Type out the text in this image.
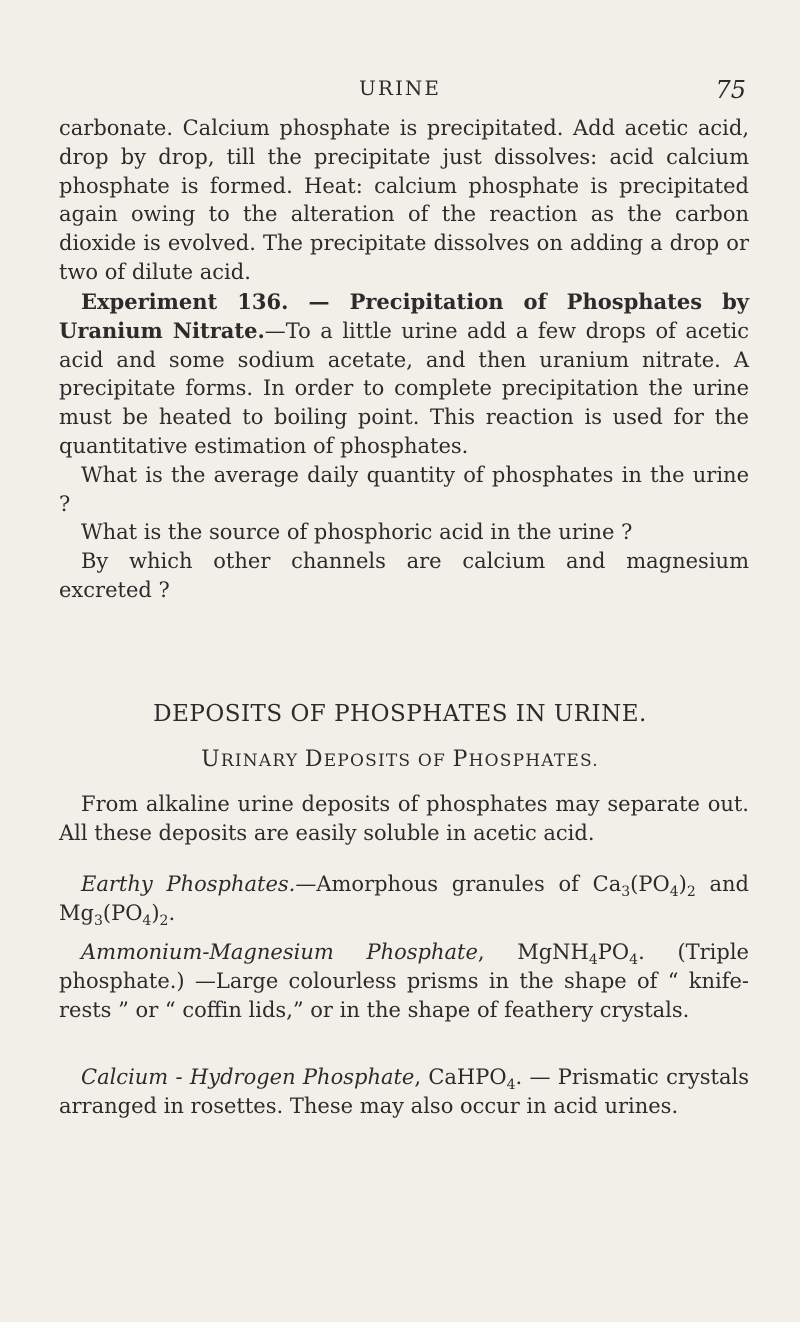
URINE	75
carbonate. Calcium phosphate is precipitated. Add acetic acid, drop by drop, till the precipitate just dissolves: acid calcium phosphate is formed. Heat: calcium phosphate is precipitated again owing to the alteration of the reaction as the carbon dioxide is evolved. The precipitate dissolves on adding a drop or two of dilute acid.
Experiment 136. — Precipitation of Phosphates by Uranium Nitrate.—To a little urine add a few drops of acetic acid and some sodium acetate, and then uranium nitrate. A precipitate forms. In order to complete precipitation the urine must be heated to boiling point. This reaction is used for the quantitative estimation of phosphates.
What is the average daily quantity of phosphates in the urine ?
What is the source of phosphoric acid in the urine ?
By which other channels are calcium and magnesium excreted ?
DEPOSITS OF PHOSPHATES IN URINE.
URINARY DEPOSITS OF PHOSPHATES.
From alkaline urine deposits of phosphates may separate out. All these deposits are easily soluble in acetic acid.
Earthy Phosphates.—Amorphous granules of $Ca_3(PO_4)_2$ and $Mg_3(PO_4)_2$.
Ammonium-Magnesium Phosphate, $MgNH_4PO_4$. (Triple phosphate.) —Large colourless prisms in the shape of “ knife-rests ” or “ coffin lids,” or in the shape of feathery crystals.
Calcium - Hydrogen Phosphate, CaHPO$_4$. — Prismatic crystals arranged in rosettes. These may also occur in acid urines.
